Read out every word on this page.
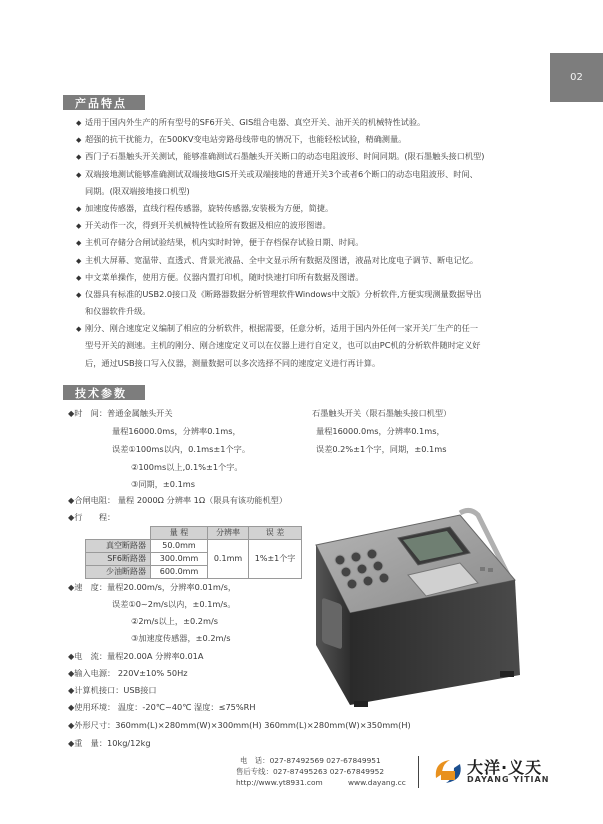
02
产品特点
◆ 适用于国内外生产的所有型号的SF6开关、GIS组合电器、真空开关、油开关的机械特性试验。
◆ 超强的抗干扰能力，在500KV变电站旁路母线带电的情况下，也能轻松试验，精确测量。
◆ 西门子石墨触头开关测试，能够准确测试石墨触头开关断口的动态电阻波形、时间同期。(限石墨触头接口机型)
◆ 双端接地测试能够准确测试双端接地GIS开关或双端接地的普通开关3个或者6个断口的动态电阻波形、时间、
同期。(限双端接地接口机型)
◆ 加速度传感器，直线行程传感器，旋转传感器,安装极为方便，简捷。
◆ 开关动作一次，得到开关机械特性试验所有数据及相应的波形图谱。
◆ 主机可存储分合闸试验结果，机内实时时钟，便于存档保存试验日期、时间。
◆ 主机大屏幕、宽温带、直透式、背景光液晶、全中文显示所有数据及图谱，液晶对比度电子调节、断电记忆。
◆ 中文菜单操作，使用方便。仪器内置打印机，随时快速打印所有数据及图谱。
◆ 仪器具有标准的USB2.0接口及《断路器数据分析管理软件Windows中文版》分析软件,方便实现测量数据导出
和仪器软件升级。
◆ 刚分、刚合速度定义编制了相应的分析软件，根据需要，任意分析，适用于国内外任何一家开关厂生产的任一
型号开关的测速。主机的刚分、刚合速度定义可以在仪器上进行自定义，也可以由PC机的分析软件随时定义好
后，通过USB接口写入仪器，测量数据可以多次选择不同的速度定义进行再计算。
技术参数
◆时　间：普通金属触头开关
量程16000.0ms，分辨率0.1ms，
误差①100ms以内，0.1ms±1个字。
②100ms以上,0.1%±1个字。
③同期，±0.1ms
石墨触头开关（限石墨触头接口机型）
量程16000.0ms，分辨率0.1ms，
误差0.2%±1个字，同期，±0.1ms
◆合闸电阻： 量程 2000Ω 分辨率 1Ω（限具有该功能机型）
◆行　　程：
	量 程	分辨率	误 差
真空断路器	50.0mm	0.1mm	1%±1个字
SF6断路器	300.0mm		
少油断路器	600.0mm		
◆速　度：量程20.00m/s，分辨率0.01m/s，
误差①0~2m/s以内，±0.1m/s。
②2m/s以上，±0.2m/s
③加速度传感器，±0.2m/s
◆电　流：量程20.00A 分辨率0.01A
◆输入电源： 220V±10% 50Hz
◆计算机接口：USB接口
◆使用环境： 温度：-20℃~40℃ 湿度：≤75%RH
◆外形尺寸：360mm(L)×280mm(W)×300mm(H) 360mm(L)×280mm(W)×350mm(H)
◆重　量：10kg/12kg
电　话：027-87492569 027-67849951
售后专线：027-87495263 027-67849952
http://www.yt8931.com	www.dayang.cc
大洋·义天
DAYANG YITIAN
